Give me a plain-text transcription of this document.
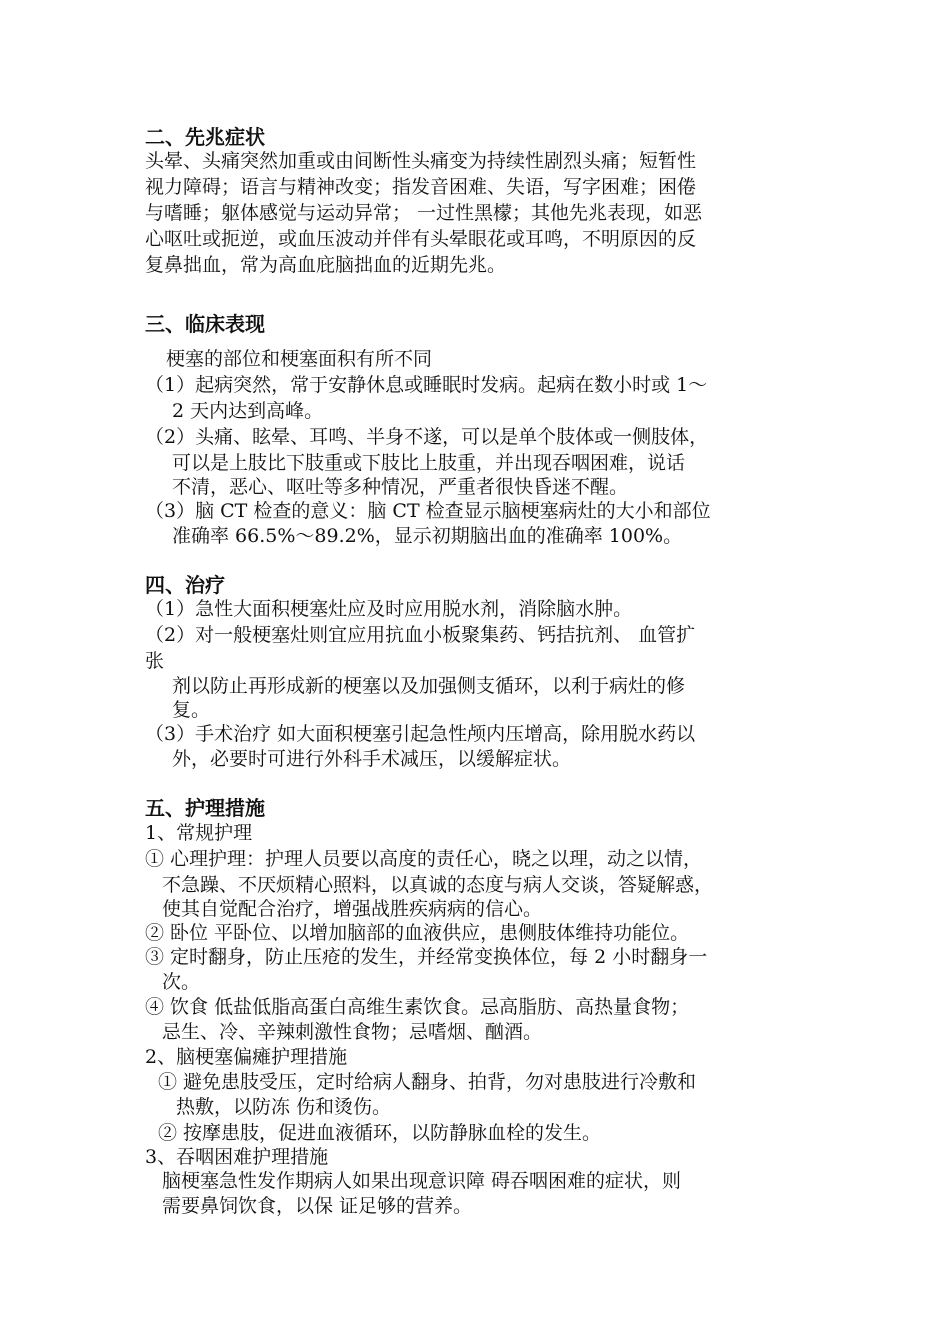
二、先兆症状
头晕、头痛突然加重或由间断性头痛变为持续性剧烈头痛；短暂性
视力障碍；语言与精神改变；指发音困难、失语，写字困难；困倦
与嗜睡；躯体感觉与运动异常； 一过性黑檬；其他先兆表现，如恶
心呕吐或扼逆，或血压波动并伴有头晕眼花或耳鸣，不明原因的反
复鼻拙血，常为高血庇脑拙血的近期先兆。
三、临床表现
梗塞的部位和梗塞面积有所不同
（1）起病突然，常于安静休息或睡眠时发病。起病在数小时或 1～
2 天内达到高峰。
（2）头痛、眩晕、耳鸣、半身不遂，可以是单个肢体或一侧肢体，
可以是上肢比下肢重或下肢比上肢重，并出现吞咽困难，说话
不清，恶心、呕吐等多种情况，严重者很快昏迷不醒。
（3）脑 CT 检查的意义：脑 CT 检查显示脑梗塞病灶的大小和部位
准确率 66.5%～89.2%，显示初期脑出血的准确率 100%。
四、治疗
（1）急性大面积梗塞灶应及时应用脱水剂，消除脑水肿。
（2）对一般梗塞灶则宜应用抗血小板聚集药、钙拮抗剂、 血管扩
张
剂以防止再形成新的梗塞以及加强侧支循环，以利于病灶的修
复。
（3）手术治疗 如大面积梗塞引起急性颅内压增高，除用脱水药以
外，必要时可进行外科手术减压，以缓解症状。
五、护理措施
1、常规护理
① 心理护理：护理人员要以高度的责任心，晓之以理，动之以情，
不急躁、不厌烦精心照料，以真诚的态度与病人交谈，答疑解惑，
使其自觉配合治疗，增强战胜疾病病的信心。
② 卧位 平卧位、以增加脑部的血液供应，患侧肢体维持功能位。
③ 定时翻身，防止压疮的发生，并经常变换体位，每 2 小时翻身一
次。
④ 饮食 低盐低脂高蛋白高维生素饮食。忌高脂肪、高热量食物；
忌生、冷、辛辣刺激性食物；忌嗜烟、酗酒。
2、脑梗塞偏瘫护理措施
① 避免患肢受压，定时给病人翻身、拍背，勿对患肢进行冷敷和
热敷，以防冻 伤和烫伤。
② 按摩患肢，促进血液循环，以防静脉血栓的发生。
3、吞咽困难护理措施
脑梗塞急性发作期病人如果出现意识障 碍吞咽困难的症状，则
需要鼻饲饮食，以保 证足够的营养。
